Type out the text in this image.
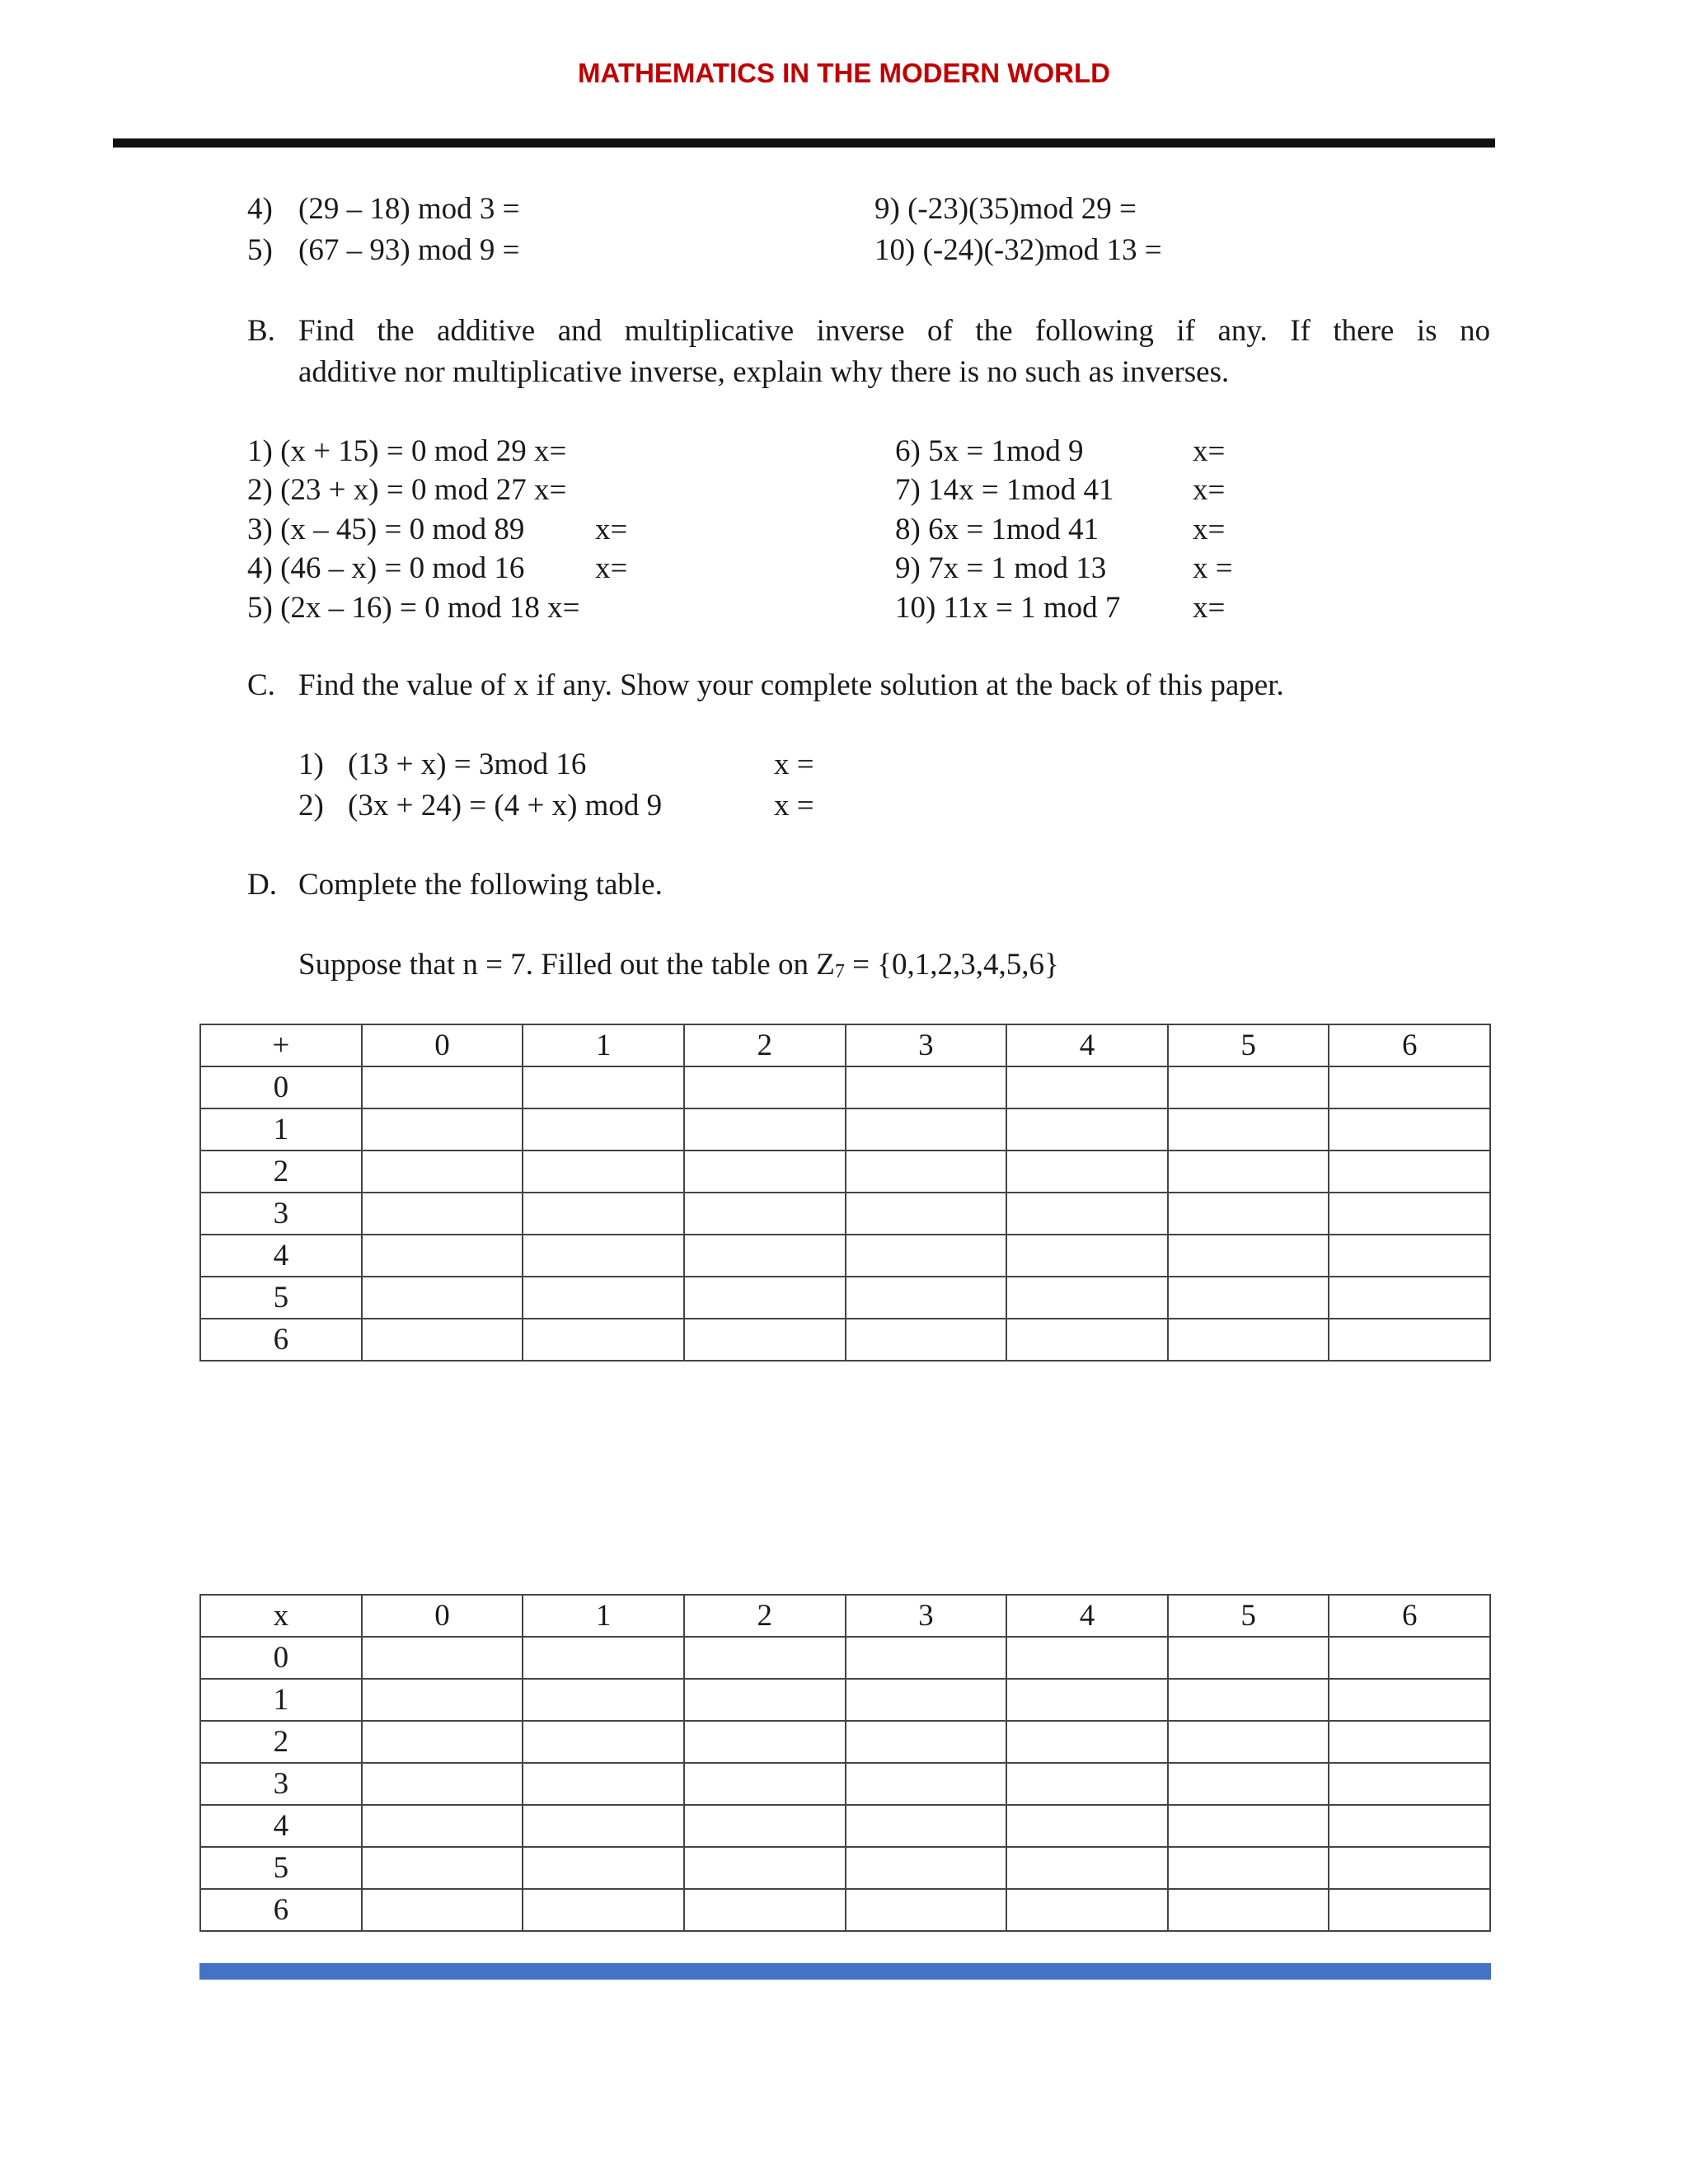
MATHEMATICS IN THE MODERN WORLD
4) (29 – 18) mod 3 =
5) (67 – 93) mod 9 =
9) (-23)(35)mod 29 =
10) (-24)(-32)mod 13 =
B. Find the additive and multiplicative inverse of the following if any. If there is no
additive nor multiplicative inverse, explain why there is no such as inverses.
1) (x + 15) = 0 mod 29 x=
2) (23 + x) = 0 mod 27 x=
3) (x – 45) = 0 mod 89 x=
4) (46 – x) = 0 mod 16 x=
5) (2x – 16) = 0 mod 18 x=
6) 5x = 1mod 9	x=
7) 14x = 1mod 41	x=
8) 6x = 1mod 41	x=
9) 7x = 1 mod 13	x =
10) 11x = 1 mod 7 x=
C. Find the value of x if any. Show your complete solution at the back of this paper.
1) (13 + x) = 3mod 16	x =
2) (3x + 24) = (4 + x) mod 9	x =
D. Complete the following table.
Suppose that n = 7. Filled out the table on Z7 = {0,1,2,3,4,5,6}
+	0	1	2	3	4	5	6
0							
1							
2							
3							
4							
5							
6							
x	0	1	2	3	4	5	6
0							
1							
2							
3							
4							
5							
6							
